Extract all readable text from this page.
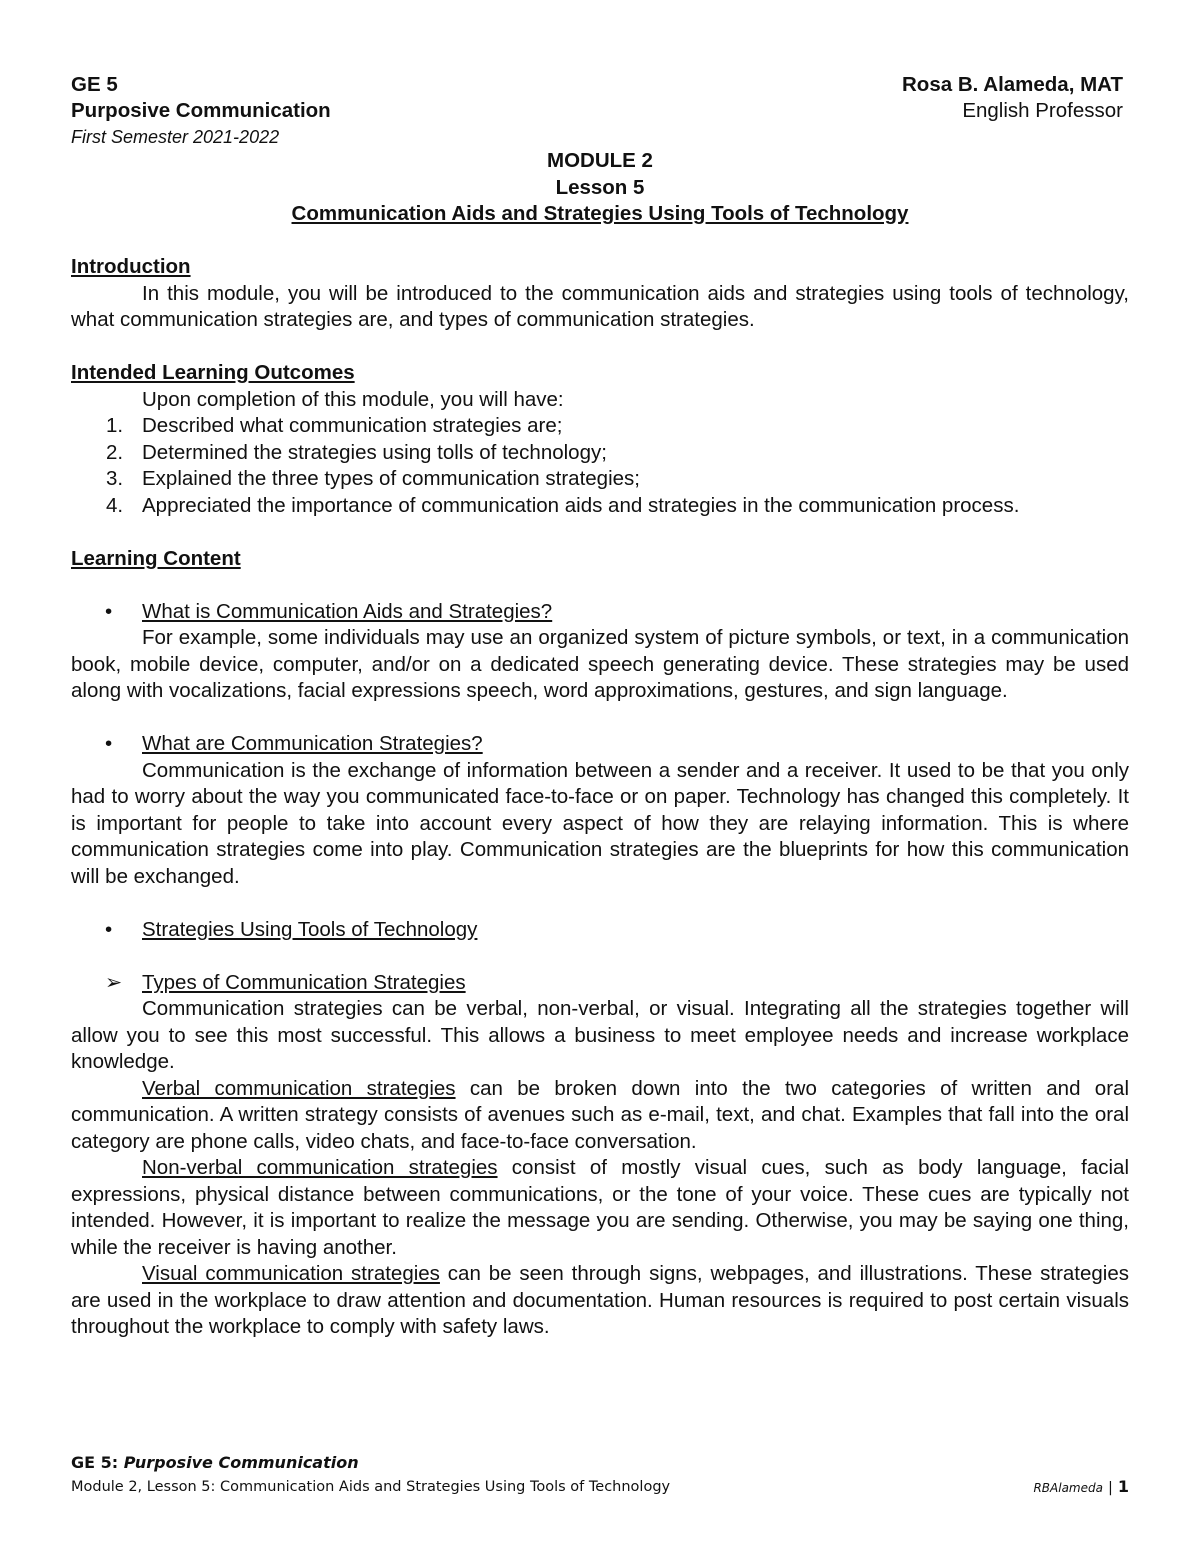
GE 5
Purposive Communication
First Semester 2021-2022
Rosa B. Alameda, MAT
English Professor
MODULE 2
Lesson 5
Communication Aids and Strategies Using Tools of Technology
Introduction

In this module, you will be introduced to the communication aids and strategies using tools of technology, what communication strategies are, and types of communication strategies.

Intended Learning Outcomes
Upon completion of this module, you will have:
1. Described what communication strategies are;
2. Determined the strategies using tolls of technology;
3. Explained the three types of communication strategies;
4. Appreciated the importance of communication aids and strategies in the communication process.
Learning Content
• What is Communication Aids and Strategies?

For example, some individuals may use an organized system of picture symbols, or text, in a communication book, mobile device, computer, and/or on a dedicated speech generating device. These strategies may be used along with vocalizations, facial expressions speech, word approximations, gestures, and sign language.

• What are Communication Strategies?

Communication is the exchange of information between a sender and a receiver. It used to be that you only had to worry about the way you communicated face-to-face or on paper. Technology has changed this completely. It is important for people to take into account every aspect of how they are relaying information. This is where communication strategies come into play. Communication strategies are the blueprints for how this communication will be exchanged.

• Strategies Using Tools of Technology
➢ Types of Communication Strategies

Communication strategies can be verbal, non-verbal, or visual. Integrating all the strategies together will allow you to see this most successful. This allows a business to meet employee needs and increase workplace knowledge.

Verbal communication strategies can be broken down into the two categories of written and oral communication. A written strategy consists of avenues such as e-mail, text, and chat. Examples that fall into the oral category are phone calls, video chats, and face-to-face conversation.

Non-verbal communication strategies consist of mostly visual cues, such as body language, facial expressions, physical distance between communications, or the tone of your voice. These cues are typically not intended. However, it is important to realize the message you are sending. Otherwise, you may be saying one thing, while the receiver is having another.

Visual communication strategies can be seen through signs, webpages, and illustrations. These strategies are used in the workplace to draw attention and documentation. Human resources is required to post certain visuals throughout the workplace to comply with safety laws.

GE 5: Purposive Communication
Module 2, Lesson 5: Communication Aids and Strategies Using Tools of Technology	RBAlameda | 1
